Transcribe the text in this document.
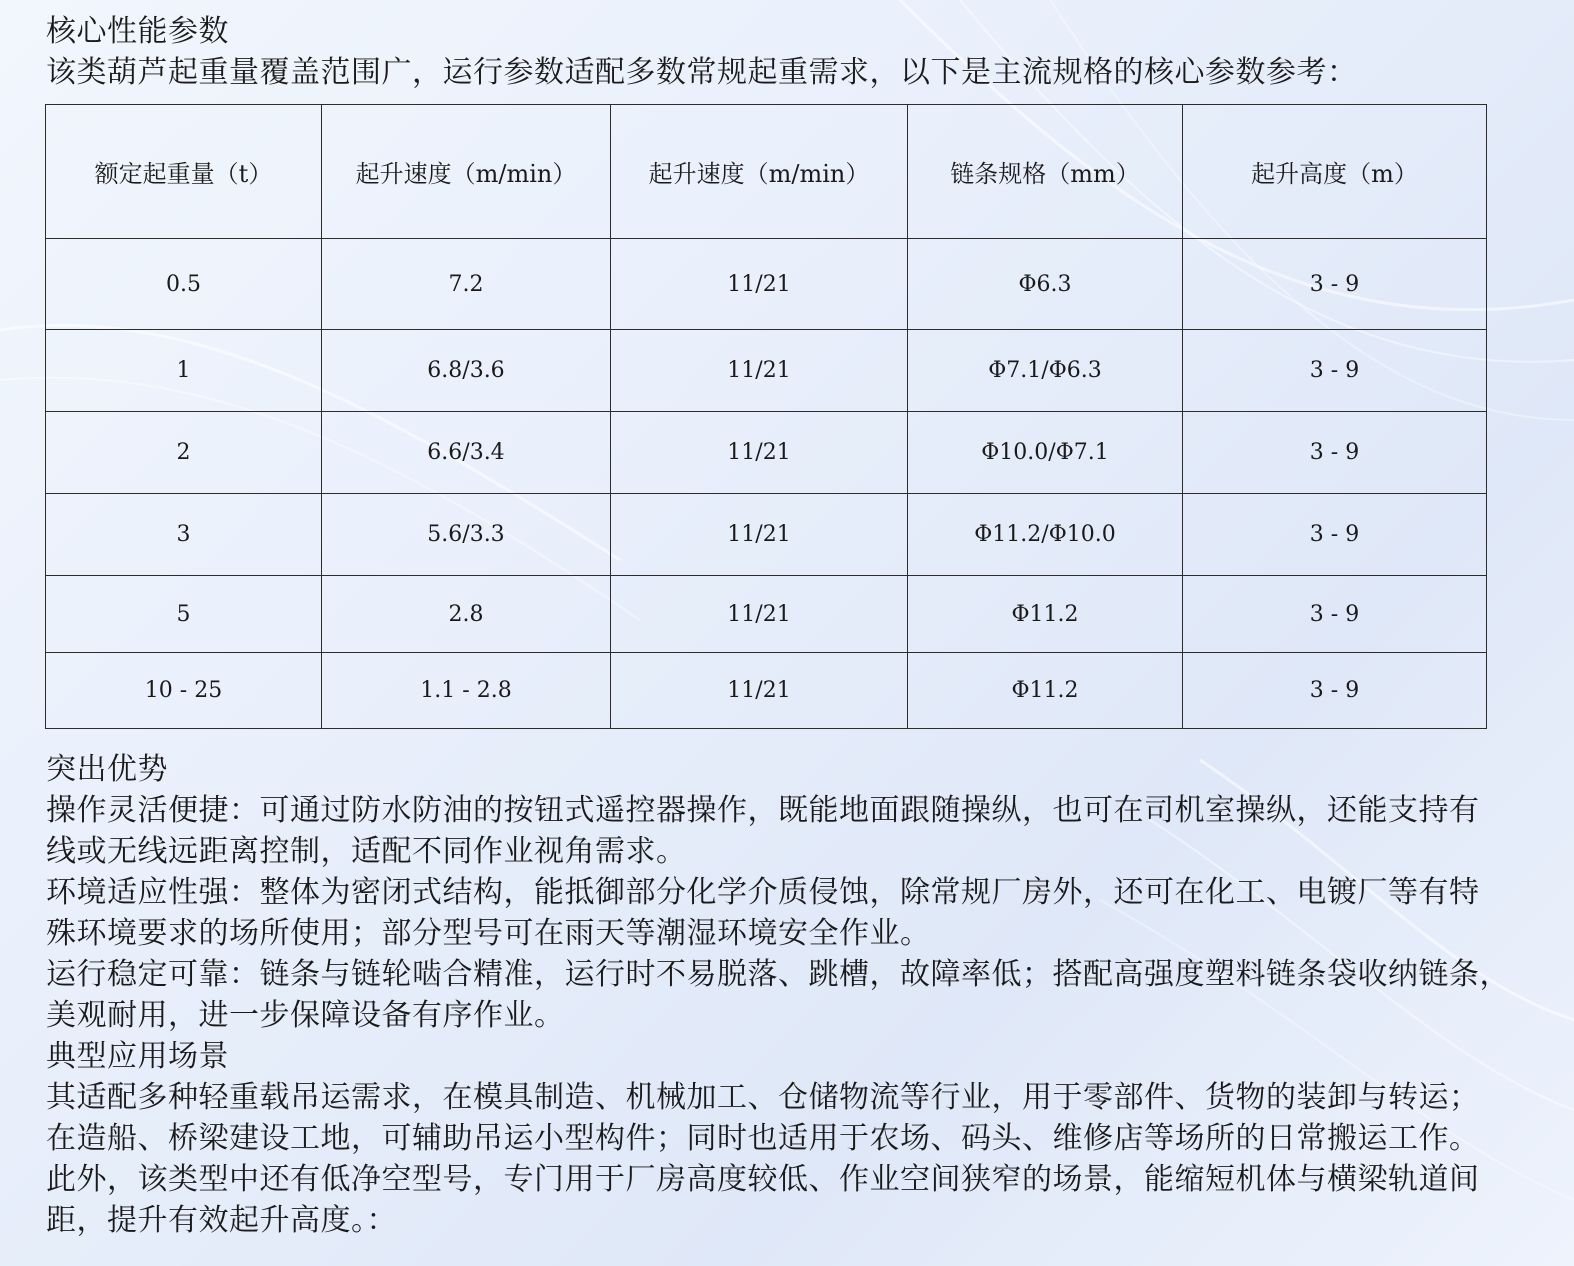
核心性能参数
该类葫芦起重量覆盖范围广，运行参数适配多数常规起重需求，以下是主流规格的核心参数参考：
额定起重量（t）	起升速度（m/min）	起升速度（m/min）	链条规格（mm）	起升高度（m）
0.5	7.2	11/21	Φ6.3	3 - 9
1	6.8/3.6	11/21	Φ7.1/Φ6.3	3 - 9
2	6.6/3.4	11/21	Φ10.0/Φ7.1	3 - 9
3	5.6/3.3	11/21	Φ11.2/Φ10.0	3 - 9
5	2.8	11/21	Φ11.2	3 - 9
10 - 25	1.1 - 2.8	11/21	Φ11.2	3 - 9
突出优势
操作灵活便捷：可通过防水防油的按钮式遥控器操作，既能地面跟随操纵，也可在司机室操纵，还能支持有
线或无线远距离控制，适配不同作业视角需求。
环境适应性强：整体为密闭式结构，能抵御部分化学介质侵蚀，除常规厂房外，还可在化工、电镀厂等有特
殊环境要求的场所使用；部分型号可在雨天等潮湿环境安全作业。
运行稳定可靠：链条与链轮啮合精准，运行时不易脱落、跳槽，故障率低；搭配高强度塑料链条袋收纳链条，
美观耐用，进一步保障设备有序作业。
典型应用场景
其适配多种轻重载吊运需求，在模具制造、机械加工、仓储物流等行业，用于零部件、货物的装卸与转运；
在造船、桥梁建设工地，可辅助吊运小型构件；同时也适用于农场、码头、维修店等场所的日常搬运工作。
此外，该类型中还有低净空型号，专门用于厂房高度较低、作业空间狭窄的场景，能缩短机体与横梁轨道间
距，提升有效起升高度。：
